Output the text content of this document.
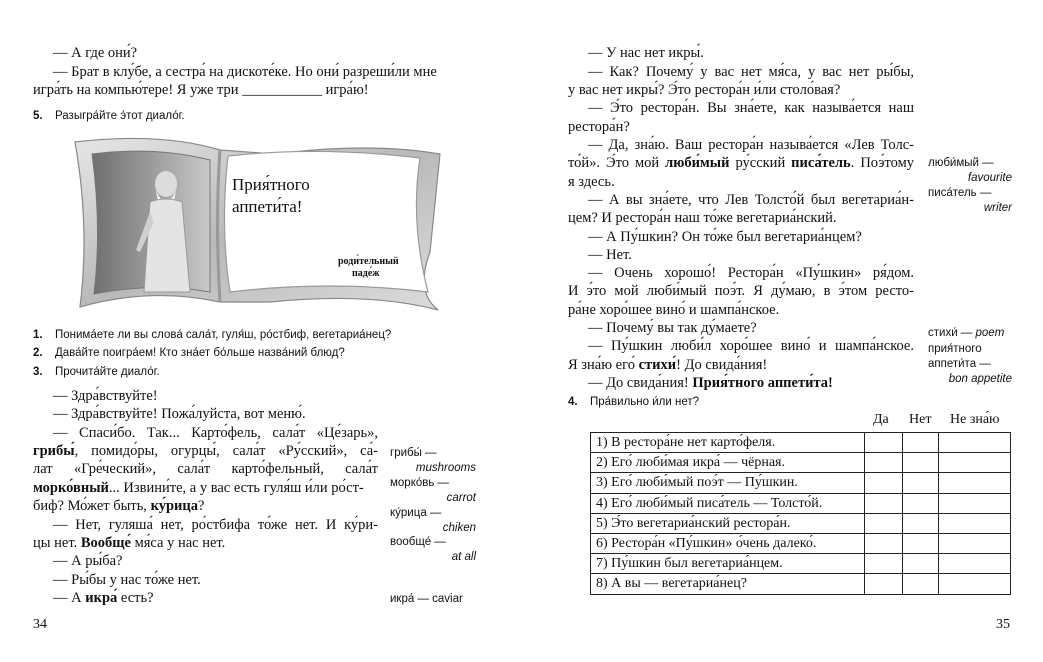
— А где они́?
— Брат в клу́бе, а сестра́ на дискоте́ке. Но они́ разреши́ли мне
игра́ть на компью́тере! Я уже три ___________ игра́ю!
5. Разыгра́йте э́тот диало́г.
Прия́тного
аппети́та!
роди́тельный
паде́ж
1. Понима́ете ли вы слова́ сала́т, гуля́ш, ро́стбиф, вегетариа́нец?
2. Дава́йте поигра́ем! Кто зна́ет бо́льше назва́ний блюд?
3. Прочита́йте диало́г.
— Здра́вствуйте!
— Здра́вствуйте! Пожа́луйста, вот меню́.
— Спаси́бо. Так... Карто́фель, сала́т «Це́зарь»,
грибы́, помидо́ры, огурцы́, сала́т «Ру́сский», са́-
лат «Гре́ческий», сала́т карто́фельный, сала́т
морко́вный... Извини́те, а у вас есть гуля́ш и́ли ро́ст-
биф? Мо́жет быть, ку́рица?
— Нет, гуляша́ нет, ро́стбифа то́же нет. И ку́ри-
цы нет. Вообще́ мя́са у нас нет.
— А ры́ба?
— Ры́бы у нас то́же нет.
— А икра́ есть?
грибы́ —
mushrooms
морко́вь —
carrot
ку́рица —
chiken
вообще́ —
at all
икра́ — caviar
34
— У нас нет икры́.
— Как? Почему́ у вас нет мя́са, у вас нет ры́бы,
у вас нет икры́? Э́то рестора́н и́ли столо́вая?
— Э́то рестора́н. Вы зна́ете, как называ́ется наш
рестора́н?
— Да, зна́ю. Ваш рестора́н называ́ется «Лев Толс-
то́й». Э́то мой люби́мый ру́сский писа́тель. Поэ́тому
я здесь.
— А вы зна́ете, что Лев Толсто́й был вегетариа́н-
цем? И рестора́н наш то́же вегетариа́нский.
— А Пу́шкин? Он то́же был вегетариа́нцем?
— Нет.
— Очень хорошо́! Рестора́н «Пу́шкин» ря́дом.
И э́то мой люби́мый поэ́т. Я ду́маю, в э́том ресто-
ра́не хоро́шее вино́ и шампа́нское.
— Почему́ вы так ду́маете?
— Пу́шкин люби́л хоро́шее вино́ и шампа́нское.
Я зна́ю его́ стихи́! До свида́ния!
— До свида́ния! Прия́тного аппети́та!
люби́мый —
favourite
писа́тель —
writer
стихи́ — poem
прия́тного
аппети́та —
bon appetite
4. Пра́вильно и́ли нет?
Да Нет Не зна́ю
1) В рестора́не нет карто́феля.			
2) Его́ люби́мая икра́ — чёрная.			
3) Его́ люби́мый поэ́т — Пу́шкин.			
4) Его́ люби́мый писа́тель — Толсто́й.			
5) Э́то вегетариа́нский рестора́н.			
6) Рестора́н «Пу́шкин» о́чень далеко́.			
7) Пу́шкин был вегетариа́нцем.			
8) А вы — вегетариа́нец?			
35
